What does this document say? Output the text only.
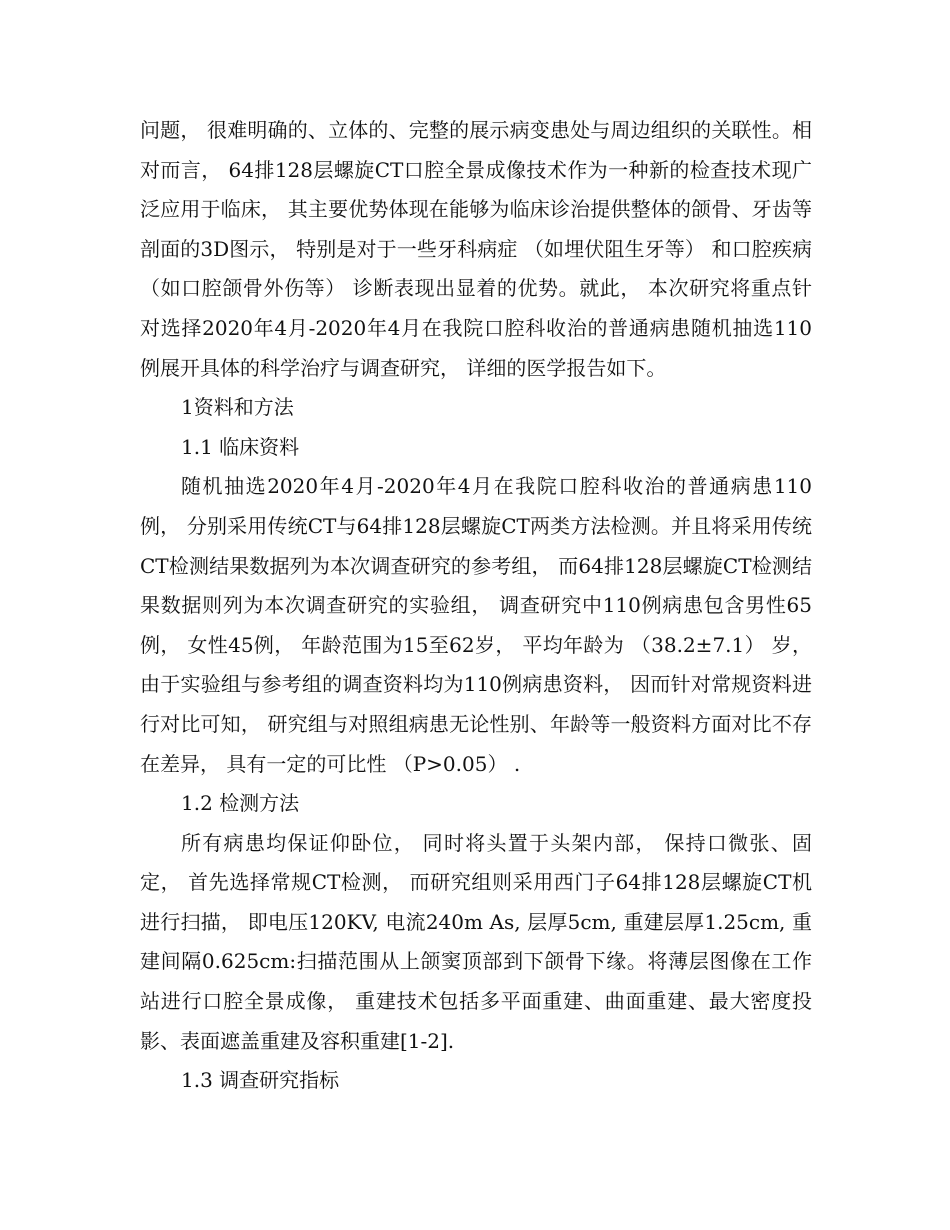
问题， 很难明确的、立体的、完整的展示病变患处与周边组织的关联性。相对而言， 64排128层螺旋CT口腔全景成像技术作为一种新的检查技术现广泛应用于临床， 其主要优势体现在能够为临床诊治提供整体的颌骨、牙齿等剖面的3D图示， 特别是对于一些牙科病症 （如埋伏阻生牙等） 和口腔疾病 （如口腔颌骨外伤等） 诊断表现出显着的优势。就此， 本次研究将重点针对选择2020年4月-2020年4月在我院口腔科收治的普通病患随机抽选110例展开具体的科学治疗与调查研究， 详细的医学报告如下。

1资料和方法

1.1 临床资料

随机抽选2020年4月-2020年4月在我院口腔科收治的普通病患110例， 分别采用传统CT与64排128层螺旋CT两类方法检测。并且将采用传统CT检测结果数据列为本次调查研究的参考组， 而64排128层螺旋CT检测结果数据则列为本次调查研究的实验组， 调查研究中110例病患包含男性65例， 女性45例， 年龄范围为15至62岁， 平均年龄为 （38.2±7.1） 岁， 由于实验组与参考组的调查资料均为110例病患资料， 因而针对常规资料进行对比可知， 研究组与对照组病患无论性别、年龄等一般资料方面对比不存在差异， 具有一定的可比性 （P>0.05） .

1.2 检测方法

所有病患均保证仰卧位， 同时将头置于头架内部， 保持口微张、固定， 首先选择常规CT检测， 而研究组则采用西门子64排128层螺旋CT机进行扫描， 即电压120KV, 电流240m As, 层厚5cm, 重建层厚1.25cm, 重建间隔0.625cm:扫描范围从上颌窦顶部到下颌骨下缘。将薄层图像在工作站进行口腔全景成像， 重建技术包括多平面重建、曲面重建、最大密度投影、表面遮盖重建及容积重建[1-2].

1.3 调查研究指标
